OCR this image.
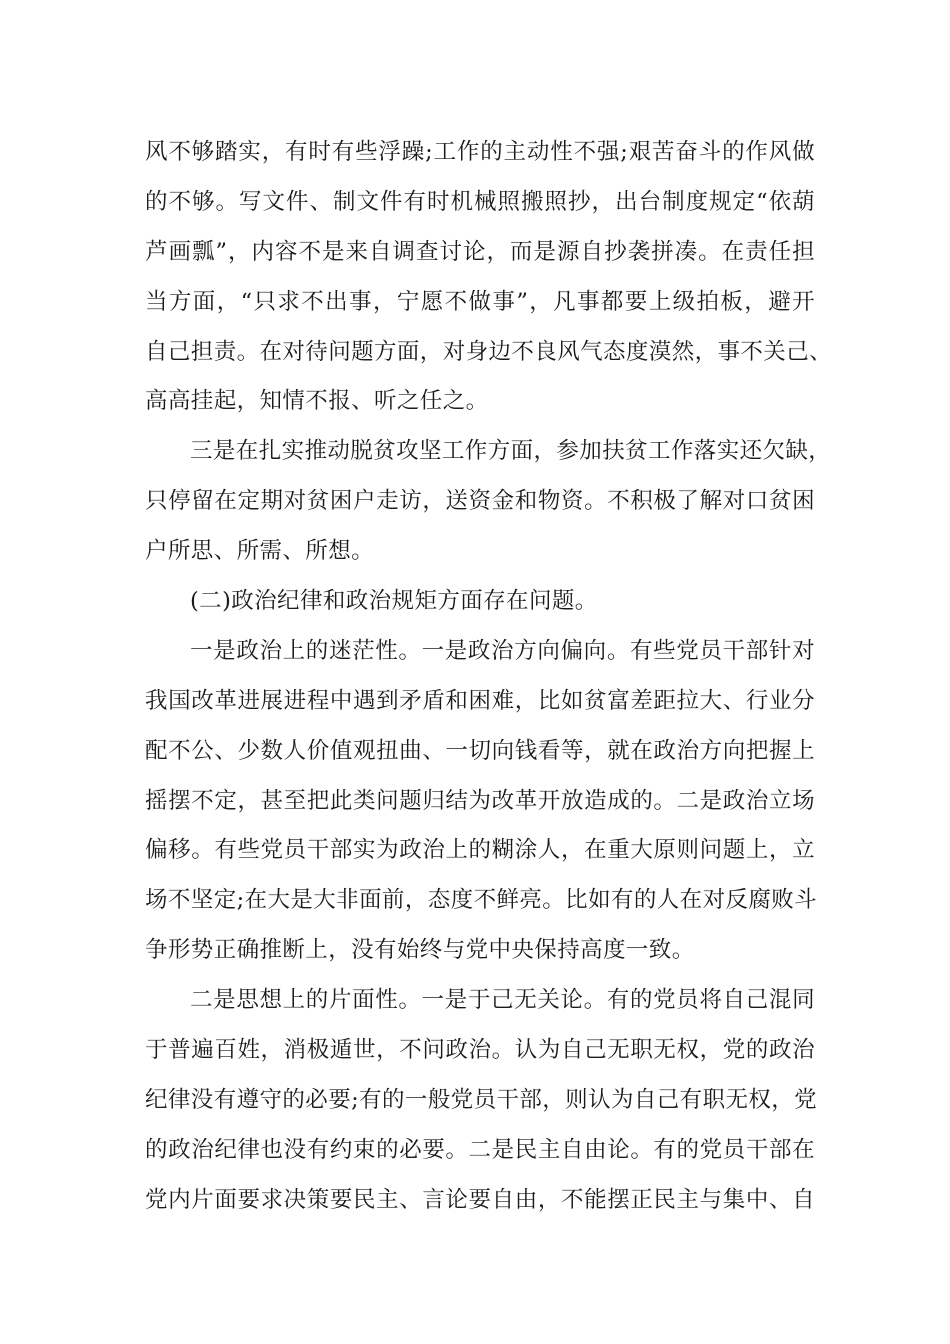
风不够踏实，有时有些浮躁;工作的主动性不强;艰苦奋斗的作风做
的不够。写文件、制文件有时机械照搬照抄，出台制度规定“依葫
芦画瓢”，内容不是来自调查讨论，而是源自抄袭拼凑。在责任担
当方面，“只求不出事，宁愿不做事”，凡事都要上级拍板，避开
自己担责。在对待问题方面，对身边不良风气态度漠然，事不关己、
高高挂起，知情不报、听之任之。
三是在扎实推动脱贫攻坚工作方面，参加扶贫工作落实还欠缺，
只停留在定期对贫困户走访，送资金和物资。不积极了解对口贫困
户所思、所需、所想。
(二)政治纪律和政治规矩方面存在问题。
一是政治上的迷茫性。一是政治方向偏向。有些党员干部针对
我国改革进展进程中遇到矛盾和困难，比如贫富差距拉大、行业分
配不公、少数人价值观扭曲、一切向钱看等，就在政治方向把握上
摇摆不定，甚至把此类问题归结为改革开放造成的。二是政治立场
偏移。有些党员干部实为政治上的糊涂人，在重大原则问题上，立
场不坚定;在大是大非面前，态度不鲜亮。比如有的人在对反腐败斗
争形势正确推断上，没有始终与党中央保持高度一致。
二是思想上的片面性。一是于己无关论。有的党员将自己混同
于普遍百姓，消极遁世，不问政治。认为自己无职无权，党的政治
纪律没有遵守的必要;有的一般党员干部，则认为自己有职无权，党
的政治纪律也没有约束的必要。二是民主自由论。有的党员干部在
党内片面要求决策要民主、言论要自由，不能摆正民主与集中、自
